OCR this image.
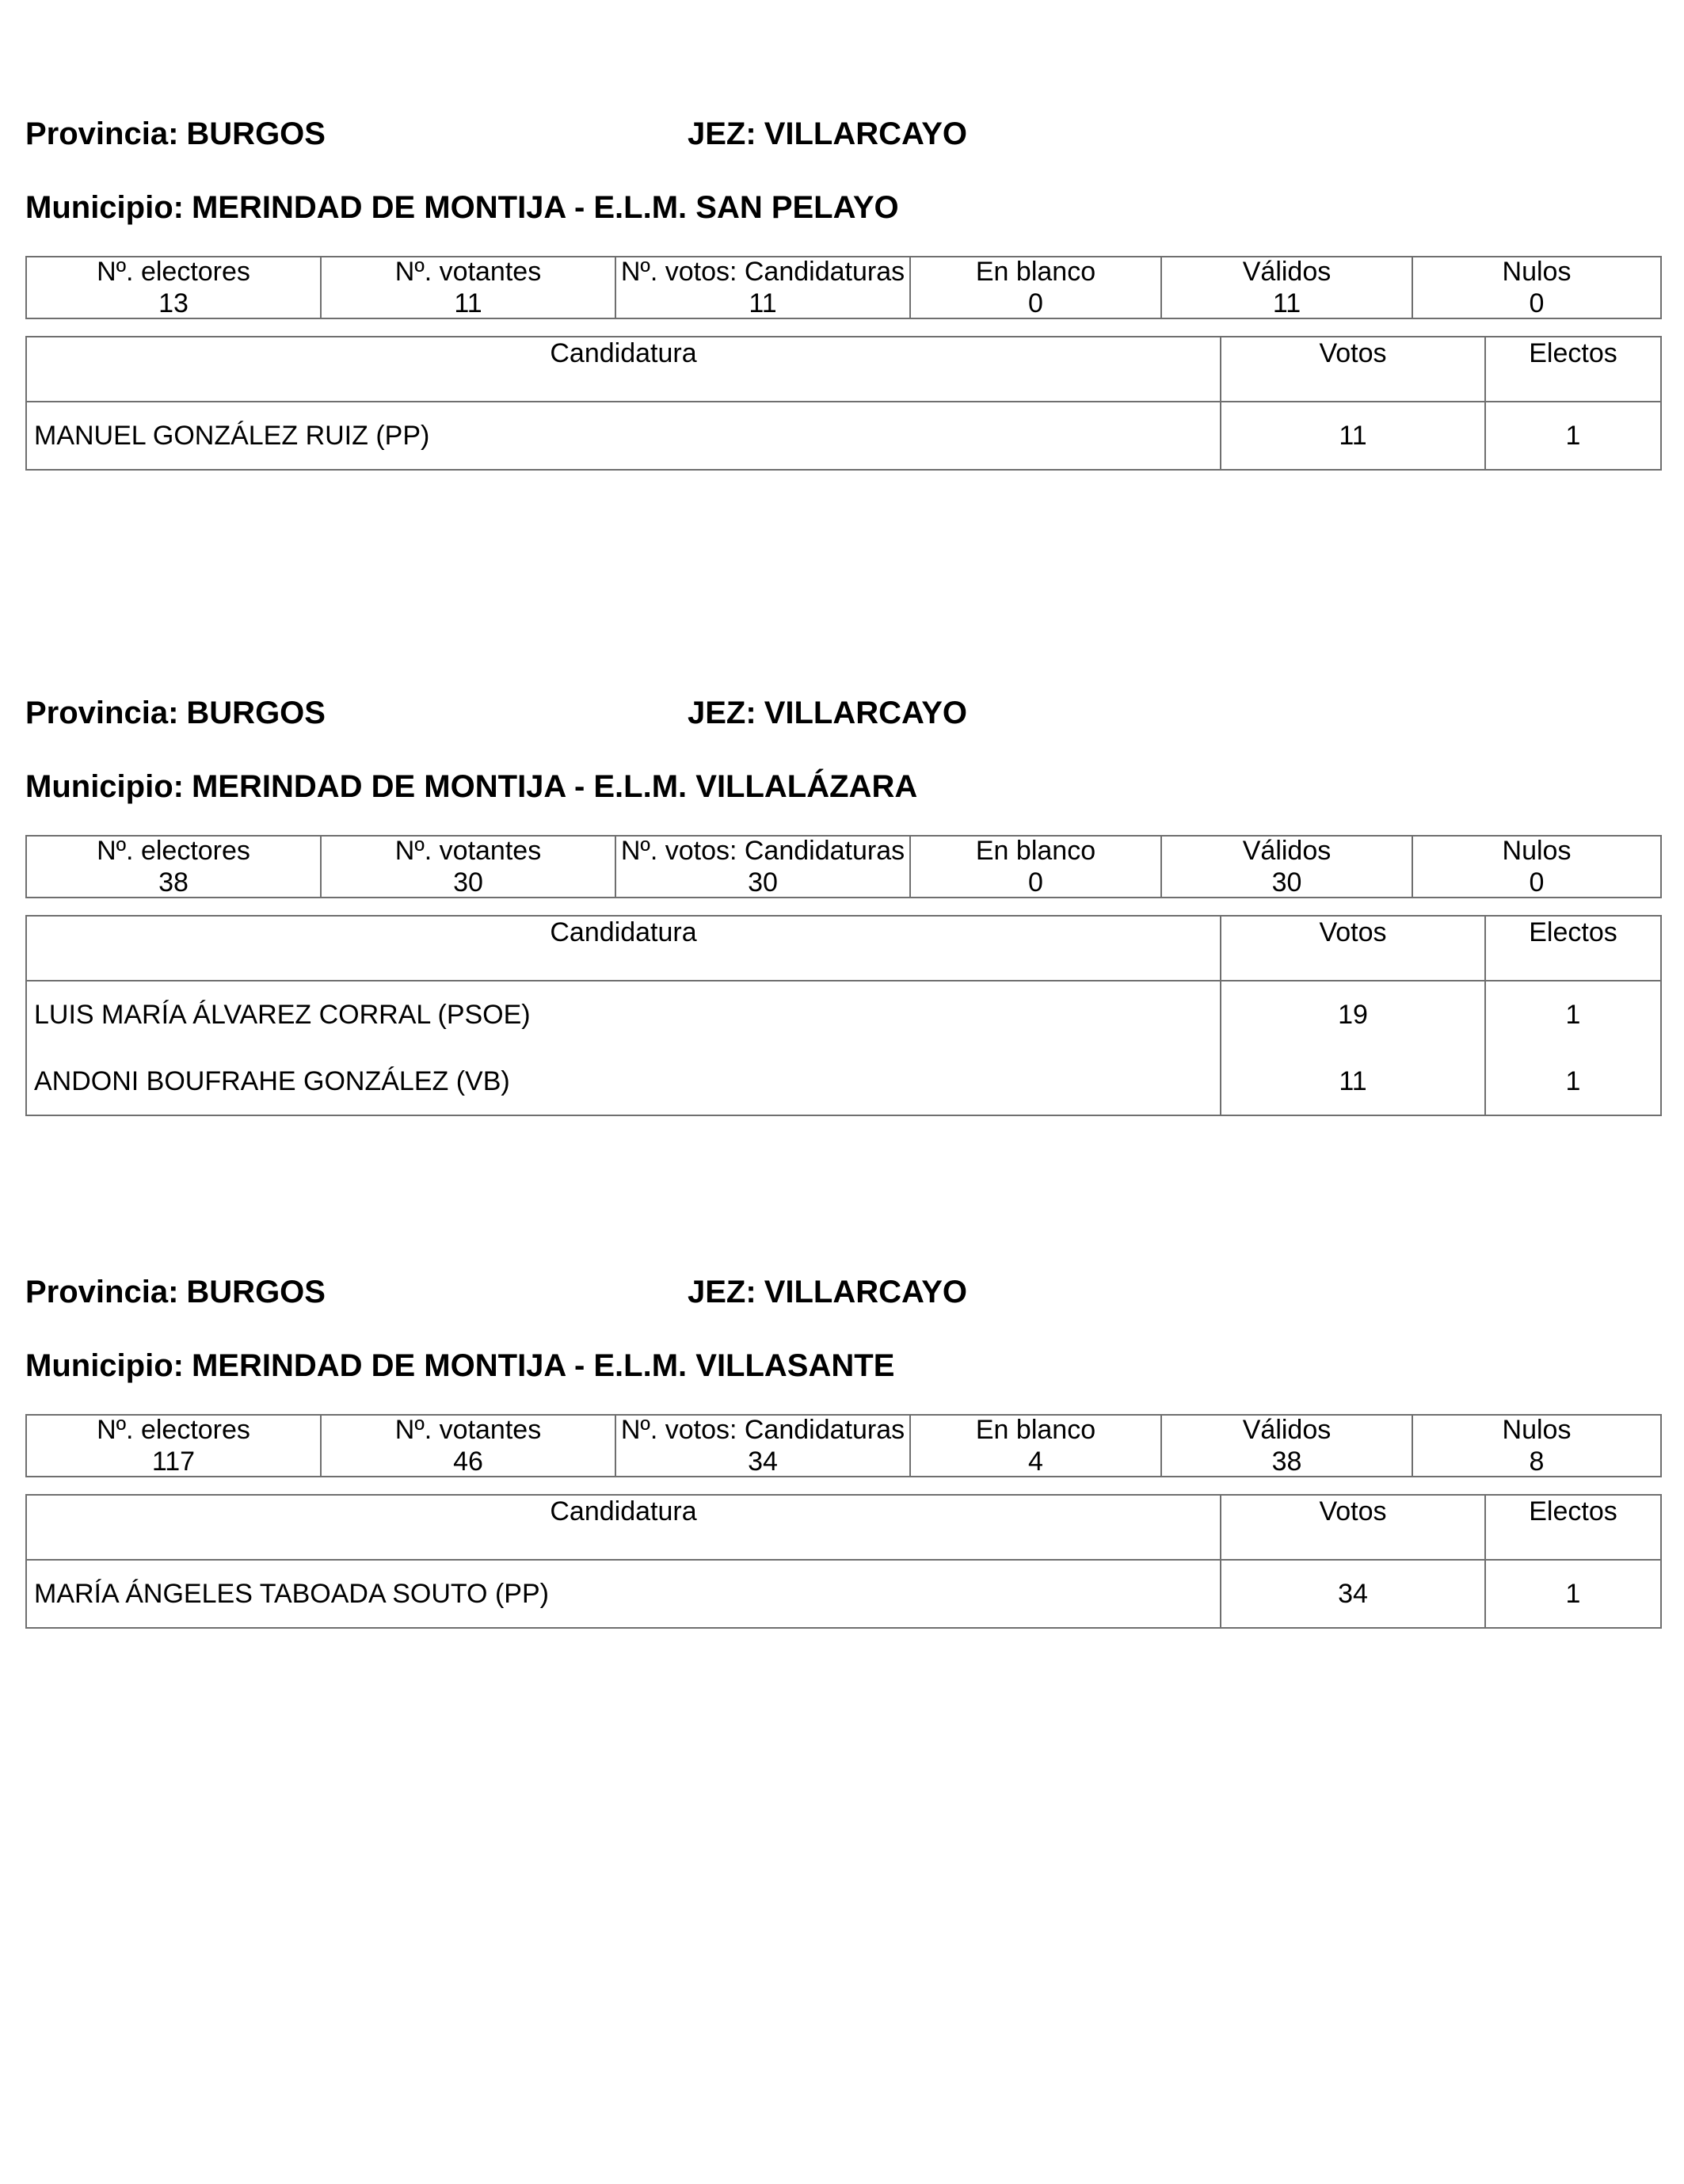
Provincia: BURGOS	JEZ: VILLARCAYO
Municipio: MERINDAD DE MONTIJA - E.L.M. SAN PELAYO
Nº. electores	Nº. votantes	Nº. votos: Candidaturas	En blanco	Válidos	Nulos

13	11	11	0	11	0
Candidatura	Votos	Electos
MANUEL GONZÁLEZ RUIZ (PP)	11	1
Provincia: BURGOS	JEZ: VILLARCAYO
Municipio: MERINDAD DE MONTIJA - E.L.M. VILLALÁZARA
Nº. electores	Nº. votantes	Nº. votos: Candidaturas	En blanco	Válidos	Nulos

38	30	30	0	30	0
Candidatura	Votos	Electos
LUIS MARÍA ÁLVAREZ CORRAL (PSOE)	19	1
ANDONI BOUFRAHE GONZÁLEZ (VB)	11	1
Provincia: BURGOS	JEZ: VILLARCAYO
Municipio: MERINDAD DE MONTIJA - E.L.M. VILLASANTE
Nº. electores	Nº. votantes	Nº. votos: Candidaturas	En blanco	Válidos	Nulos

117	46	34	4	38	8
Candidatura	Votos	Electos
MARÍA ÁNGELES TABOADA SOUTO (PP)	34	1
